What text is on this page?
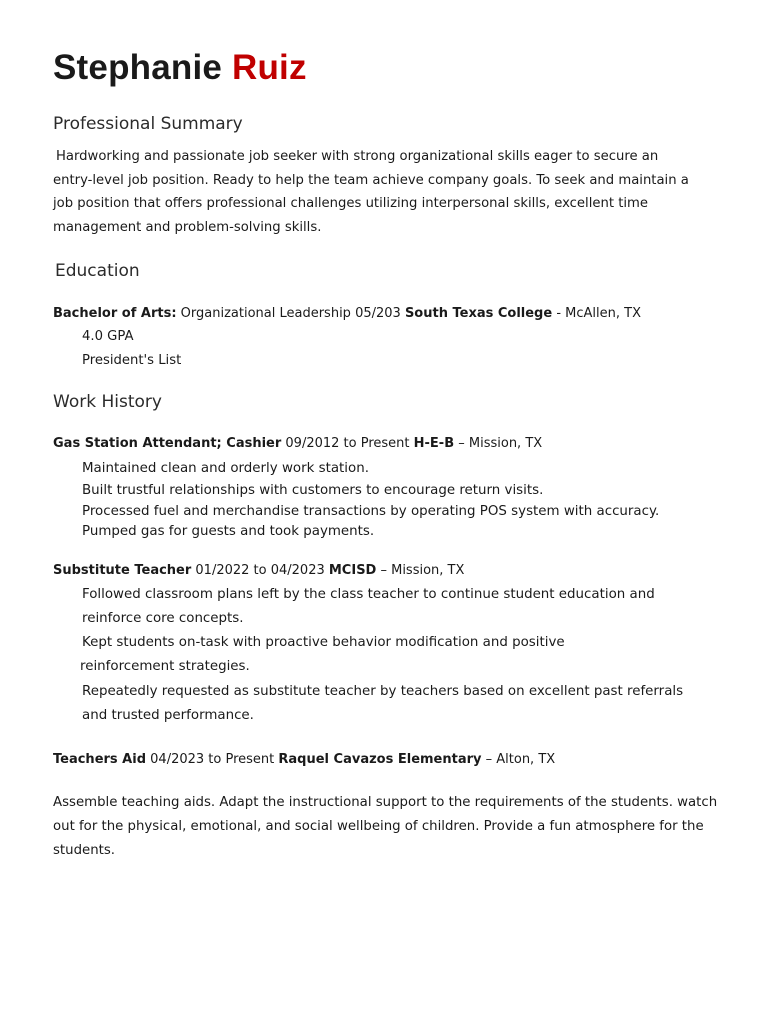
Stephanie Ruiz
Professional Summary
Hardworking and passionate job seeker with strong organizational skills eager to secure an
entry-level job position. Ready to help the team achieve company goals. To seek and maintain a
job position that offers professional challenges utilizing interpersonal skills, excellent time
management and problem-solving skills.
Education

Bachelor of Arts: Organizational Leadership 05/203 South Texas College - McAllen, TX

4.0 GPA

President's List

Work History

Gas Station Attendant; Cashier 09/2012 to Present H-E-B – Mission, TX

Maintained clean and orderly work station.
Built trustful relationships with customers to encourage return visits.
Processed fuel and merchandise transactions by operating POS system with accuracy.
Pumped gas for guests and took payments.

Substitute Teacher 01/2022 to 04/2023 MCISD – Mission, TX

Followed classroom plans left by the class teacher to continue student education and
reinforce core concepts.
Kept students on-task with proactive behavior modification and positive
reinforcement strategies.
Repeatedly requested as substitute teacher by teachers based on excellent past referrals
and trusted performance.

Teachers Aid 04/2023 to Present Raquel Cavazos Elementary – Alton, TX

Assemble teaching aids. Adapt the instructional support to the requirements of the students. watch
out for the physical, emotional, and social wellbeing of children. Provide a fun atmosphere for the
students.
